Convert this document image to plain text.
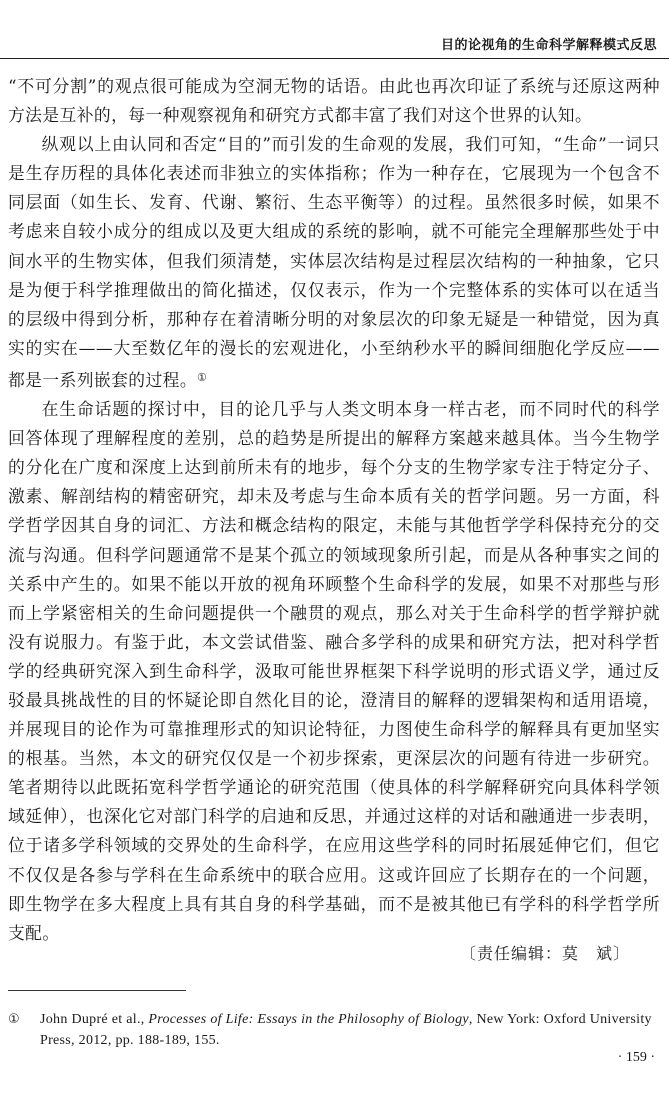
目的论视角的生命科学解释模式反思

“不可分割”的观点很可能成为空洞无物的话语。由此也再次印证了系统与还原这两种方法是互补的，每一种观察视角和研究方式都丰富了我们对这个世界的认知。

纵观以上由认同和否定“目的”而引发的生命观的发展，我们可知，“生命”一词只是生存历程的具体化表述而非独立的实体指称；作为一种存在，它展现为一个包含不同层面（如生长、发育、代谢、繁衍、生态平衡等）的过程。虽然很多时候，如果不考虑来自较小成分的组成以及更大组成的系统的影响，就不可能完全理解那些处于中间水平的生物实体，但我们须清楚，实体层次结构是过程层次结构的一种抽象，它只是为便于科学推理做出的简化描述，仅仅表示，作为一个完整体系的实体可以在适当的层级中得到分析，那种存在着清晰分明的对象层次的印象无疑是一种错觉，因为真实的实在——大至数亿年的漫长的宏观进化，小至纳秒水平的瞬间细胞化学反应——都是一系列嵌套的过程。①

在生命话题的探讨中，目的论几乎与人类文明本身一样古老，而不同时代的科学回答体现了理解程度的差别，总的趋势是所提出的解释方案越来越具体。当今生物学的分化在广度和深度上达到前所未有的地步，每个分支的生物学家专注于特定分子、激素、解剖结构的精密研究，却未及考虑与生命本质有关的哲学问题。另一方面，科学哲学因其自身的词汇、方法和概念结构的限定，未能与其他哲学学科保持充分的交流与沟通。但科学问题通常不是某个孤立的领域现象所引起，而是从各种事实之间的关系中产生的。如果不能以开放的视角环顾整个生命科学的发展，如果不对那些与形而上学紧密相关的生命问题提供一个融贯的观点，那么对关于生命科学的哲学辩护就没有说服力。有鉴于此，本文尝试借鉴、融合多学科的成果和研究方法，把对科学哲学的经典研究深入到生命科学，汲取可能世界框架下科学说明的形式语义学，通过反驳最具挑战性的目的怀疑论即自然化目的论，澄清目的解释的逻辑架构和适用语境，并展现目的论作为可靠推理形式的知识论特征，力图使生命科学的解释具有更加坚实的根基。当然，本文的研究仅仅是一个初步探索，更深层次的问题有待进一步研究。笔者期待以此既拓宽科学哲学通论的研究范围（使具体的科学解释研究向具体科学领域延伸），也深化它对部门科学的启迪和反思，并通过这样的对话和融通进一步表明，位于诸多学科领域的交界处的生命科学，在应用这些学科的同时拓展延伸它们，但它不仅仅是各参与学科在生命系统中的联合应用。这或许回应了长期存在的一个问题，即生物学在多大程度上具有其自身的科学基础，而不是被其他已有学科的科学哲学所支配。

〔责任编辑：莫　斌〕
① John Dupré et al., Processes of Life: Essays in the Philosophy of Biology, New York: Oxford University Press, 2012, pp. 188-189, 155.
· 159 ·
